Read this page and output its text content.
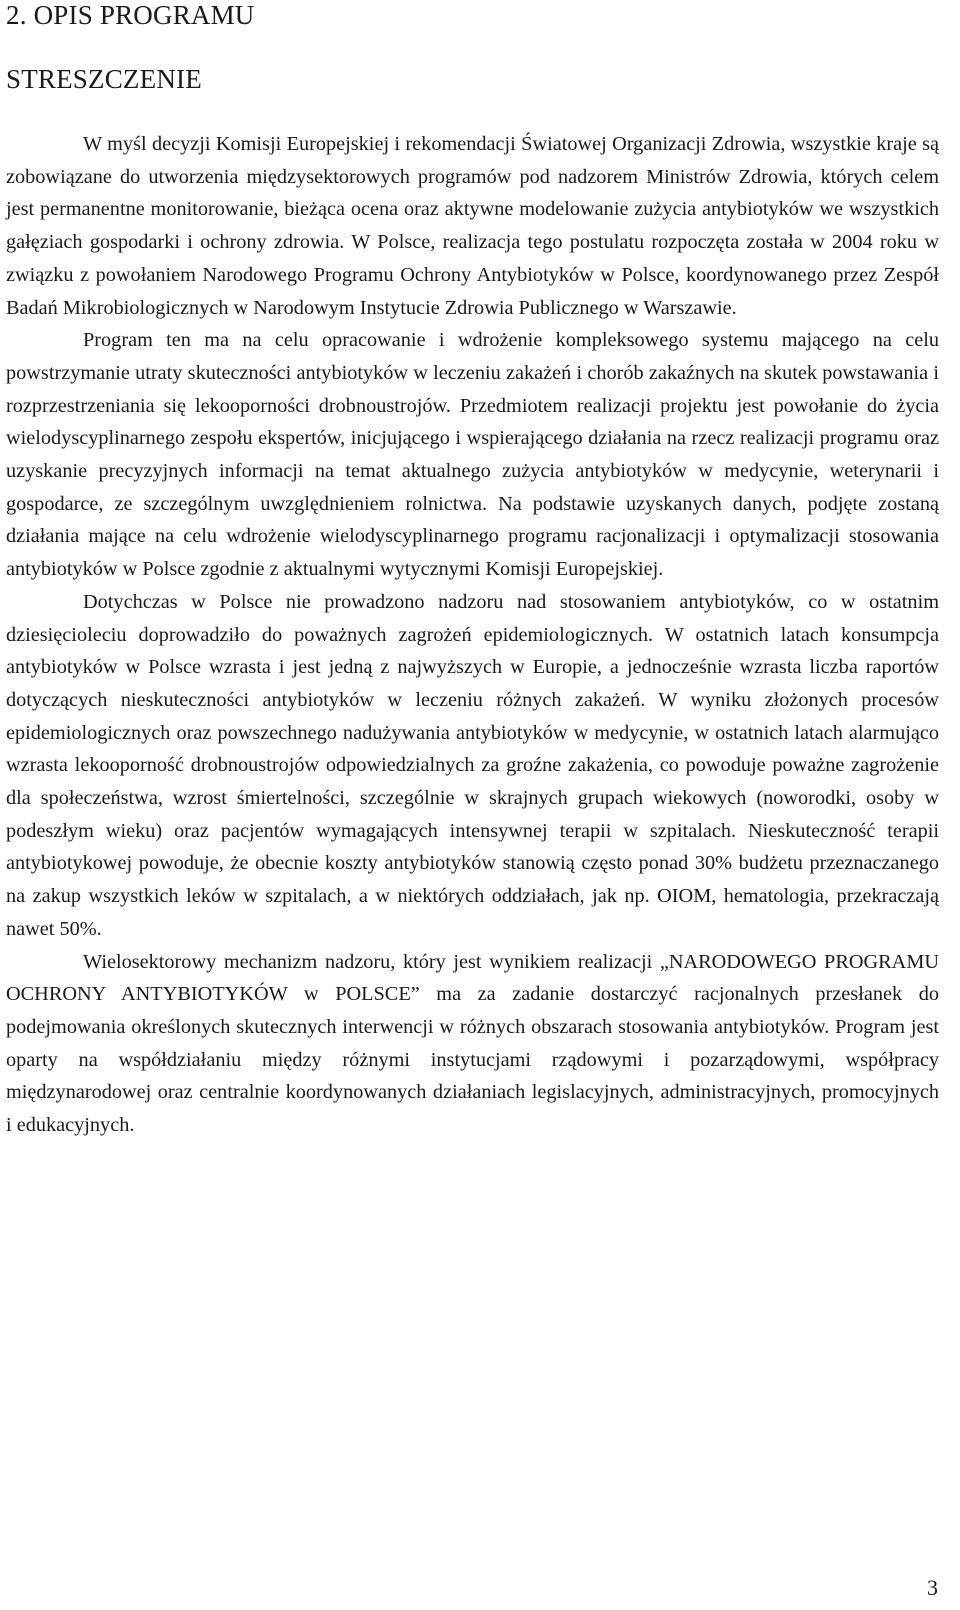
2. OPIS PROGRAMU
STRESZCZENIE

W myśl decyzji Komisji Europejskiej i rekomendacji Światowej Organizacji Zdrowia, wszystkie kraje są zobowiązane do utworzenia międzysektorowych programów pod nadzorem Ministrów Zdrowia, których celem jest permanentne monitorowanie, bieżąca ocena oraz aktywne modelowanie zużycia antybiotyków we wszystkich gałęziach gospodarki i ochrony zdrowia. W Polsce, realizacja tego postulatu rozpoczęta została w 2004 roku w związku z powołaniem Narodowego Programu Ochrony Antybiotyków w Polsce, koordynowanego przez Zespół Badań Mikrobiologicznych w Narodowym Instytucie Zdrowia Publicznego w Warszawie.

Program ten ma na celu opracowanie i wdrożenie kompleksowego systemu mającego na celu powstrzymanie utraty skuteczności antybiotyków w leczeniu zakażeń i chorób zakaźnych na skutek powstawania i rozprzestrzeniania się lekooporności drobnoustrojów. Przedmiotem realizacji projektu jest powołanie do życia wielodyscyplinarnego zespołu ekspertów, inicjującego i wspierającego działania na rzecz realizacji programu oraz uzyskanie precyzyjnych informacji na temat aktualnego zużycia antybiotyków w medycynie, weterynarii i gospodarce, ze szczególnym uwzględnieniem rolnictwa. Na podstawie uzyskanych danych, podjęte zostaną działania mające na celu wdrożenie wielodyscyplinarnego programu racjonalizacji i optymalizacji stosowania antybiotyków w Polsce zgodnie z aktualnymi wytycznymi Komisji Europejskiej.

Dotychczas w Polsce nie prowadzono nadzoru nad stosowaniem antybiotyków, co w ostatnim dziesięcioleciu doprowadziło do poważnych zagrożeń epidemiologicznych. W ostatnich latach konsumpcja antybiotyków w Polsce wzrasta i jest jedną z najwyższych w Europie, a jednocześnie wzrasta liczba raportów dotyczących nieskuteczności antybiotyków w leczeniu różnych zakażeń. W wyniku złożonych procesów epidemiologicznych oraz powszechnego nadużywania antybiotyków w medycynie, w ostatnich latach alarmująco wzrasta lekooporność drobnoustrojów odpowiedzialnych za groźne zakażenia, co powoduje poważne zagrożenie dla społeczeństwa, wzrost śmiertelności, szczególnie w skrajnych grupach wiekowych (noworodki, osoby w podeszłym wieku) oraz pacjentów wymagających intensywnej terapii w szpitalach. Nieskuteczność terapii antybiotykowej powoduje, że obecnie koszty antybiotyków stanowią często ponad 30% budżetu przeznaczanego na zakup wszystkich leków w szpitalach, a w niektórych oddziałach, jak np. OIOM, hematologia, przekraczają nawet 50%.

Wielosektorowy mechanizm nadzoru, który jest wynikiem realizacji „NARODOWEGO PROGRAMU OCHRONY ANTYBIOTYKÓW w POLSCE” ma za zadanie dostarczyć racjonalnych przesłanek do podejmowania określonych skutecznych interwencji w różnych obszarach stosowania antybiotyków. Program jest oparty na współdziałaniu między różnymi instytucjami rządowymi i pozarządowymi, współpracy międzynarodowej oraz centralnie koordynowanych działaniach legislacyjnych, administracyjnych, promocyjnych i edukacyjnych.

3
